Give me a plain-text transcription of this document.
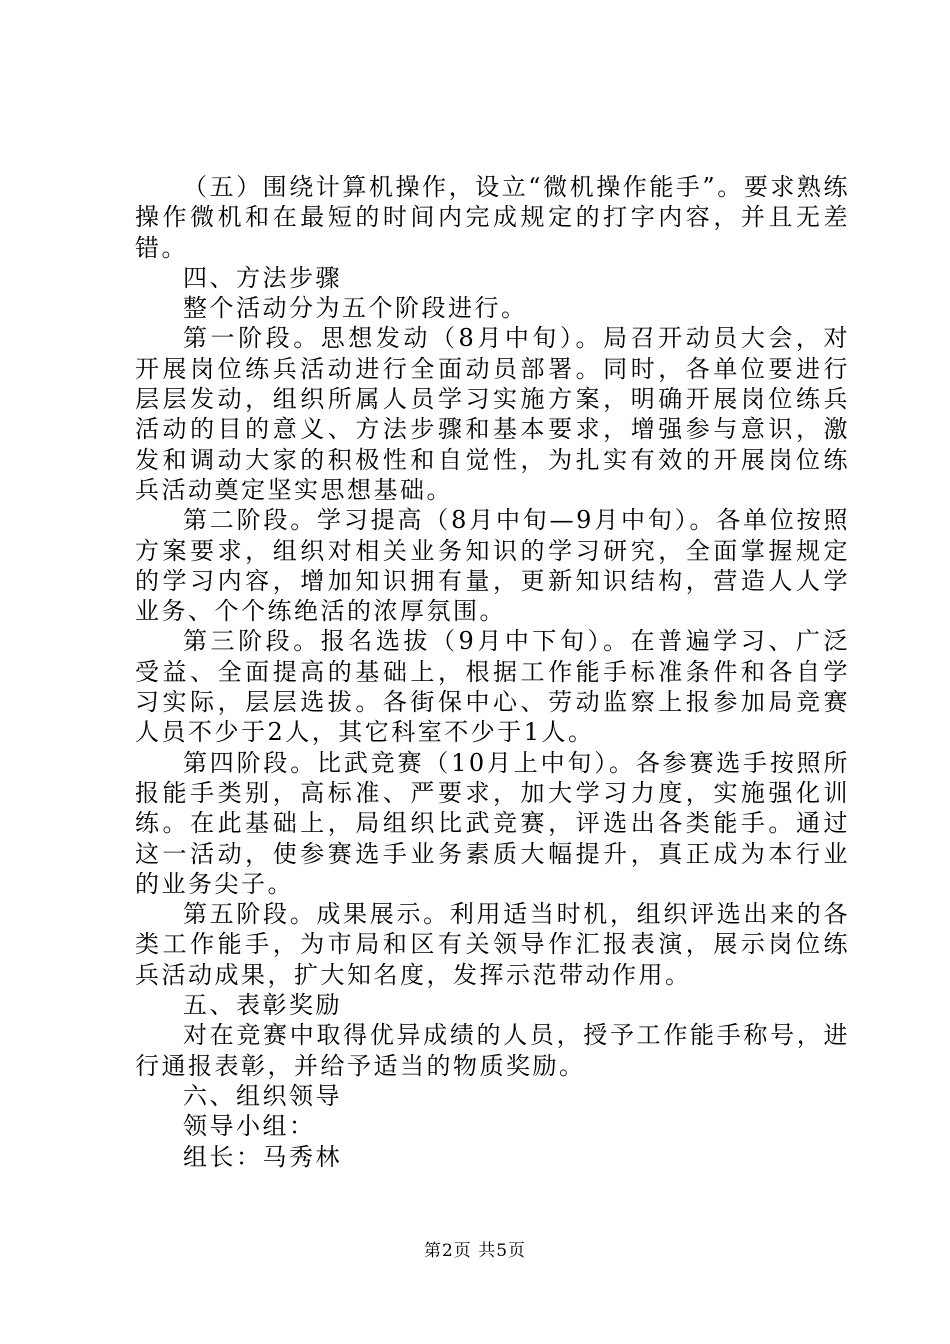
（五）围绕计算机操作，设立“微机操作能手”。要求熟练操作微机和在最短的时间内完成规定的打字内容，并且无差错。

四、方法步骤

整个活动分为五个阶段进行。

第一阶段。思想发动（8月中旬）。局召开动员大会，对开展岗位练兵活动进行全面动员部署。同时，各单位要进行层层发动，组织所属人员学习实施方案，明确开展岗位练兵活动的目的意义、方法步骤和基本要求，增强参与意识，激发和调动大家的积极性和自觉性，为扎实有效的开展岗位练兵活动奠定坚实思想基础。

第二阶段。学习提高（8月中旬—9月中旬）。各单位按照方案要求，组织对相关业务知识的学习研究，全面掌握规定的学习内容，增加知识拥有量，更新知识结构，营造人人学业务、个个练绝活的浓厚氛围。

第三阶段。报名选拔（9月中下旬）。在普遍学习、广泛受益、全面提高的基础上，根据工作能手标准条件和各自学习实际，层层选拔。各街保中心、劳动监察上报参加局竞赛人员不少于2人，其它科室不少于1人。

第四阶段。比武竞赛（10月上中旬）。各参赛选手按照所报能手类别，高标准、严要求，加大学习力度，实施强化训练。在此基础上，局组织比武竞赛，评选出各类能手。通过这一活动，使参赛选手业务素质大幅提升，真正成为本行业的业务尖子。

第五阶段。成果展示。利用适当时机，组织评选出来的各类工作能手，为市局和区有关领导作汇报表演，展示岗位练兵活动成果，扩大知名度，发挥示范带动作用。

五、表彰奖励

对在竞赛中取得优异成绩的人员，授予工作能手称号，进行通报表彰，并给予适当的物质奖励。

六、组织领导

领导小组：

组长：马秀林

第2页 共5页
